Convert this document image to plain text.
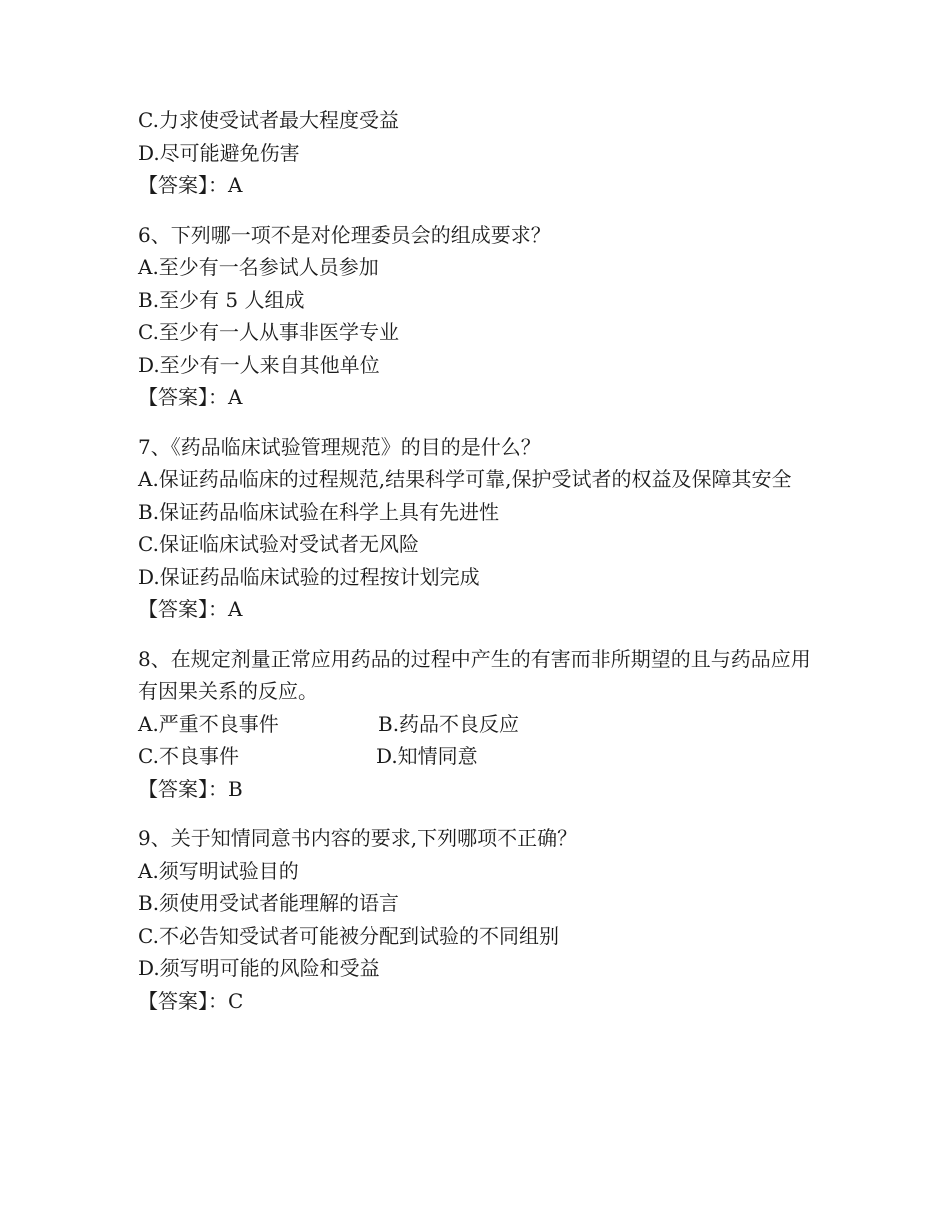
C.力求使受试者最大程度受益
D.尽可能避免伤害
【答案】：A
6、下列哪一项不是对伦理委员会的组成要求？
A.至少有一名参试人员参加
B.至少有 5 人组成
C.至少有一人从事非医学专业
D.至少有一人来自其他单位
【答案】：A
7、《药品临床试验管理规范》的目的是什么？
A.保证药品临床的过程规范,结果科学可靠,保护受试者的权益及保障其安全
B.保证药品临床试验在科学上具有先进性
C.保证临床试验对受试者无风险
D.保证药品临床试验的过程按计划完成
【答案】：A
8、在规定剂量正常应用药品的过程中产生的有害而非所期望的且与药品应用有因果关系的反应。
A.严重不良事件	B.药品不良反应
C.不良事件	D.知情同意
【答案】：B
9、关于知情同意书内容的要求,下列哪项不正确？
A.须写明试验目的
B.须使用受试者能理解的语言
C.不必告知受试者可能被分配到试验的不同组别
D.须写明可能的风险和受益
【答案】：C
